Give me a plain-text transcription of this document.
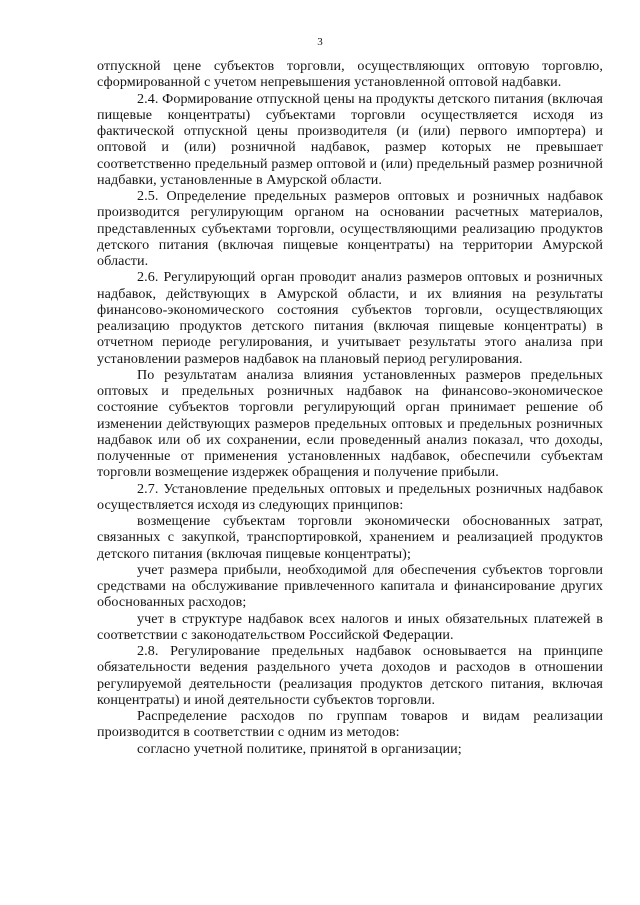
3

отпускной цене субъектов торговли, осуществляющих оптовую торговлю, сформированной с учетом непревышения установленной оптовой надбавки.

2.4. Формирование отпускной цены на продукты детского питания (включая пищевые концентраты) субъектами торговли осуществляется исходя из фактической отпускной цены производителя (и (или) первого импортера) и оптовой и (или) розничной надбавок, размер которых не превышает соответственно предельный размер оптовой и (или) предельный размер розничной надбавки, установленные в Амурской области.

2.5. Определение предельных размеров оптовых и розничных надбавок производится регулирующим органом на основании расчетных материалов, представленных субъектами торговли, осуществляющими реализацию продуктов детского питания (включая пищевые концентраты) на территории Амурской области.

2.6. Регулирующий орган проводит анализ размеров оптовых и розничных надбавок, действующих в Амурской области, и их влияния на результаты финансово-экономического состояния субъектов торговли, осуществляющих реализацию продуктов детского питания (включая пищевые концентраты) в отчетном периоде регулирования, и учитывает результаты этого анализа при установлении размеров надбавок на плановый период регулирования.

По результатам анализа влияния установленных размеров предельных оптовых и предельных розничных надбавок на финансово-экономическое состояние субъектов торговли регулирующий орган принимает решение об изменении действующих размеров предельных оптовых и предельных розничных надбавок или об их сохранении, если проведенный анализ показал, что доходы, полученные от применения установленных надбавок, обеспечили субъектам торговли возмещение издержек обращения и получение прибыли.

2.7. Установление предельных оптовых и предельных розничных надбавок осуществляется исходя из следующих принципов:

возмещение субъектам торговли экономически обоснованных затрат, связанных с закупкой, транспортировкой, хранением и реализацией продуктов детского питания (включая пищевые концентраты);

учет размера прибыли, необходимой для обеспечения субъектов торговли средствами на обслуживание привлеченного капитала и финансирование других обоснованных расходов;

учет в структуре надбавок всех налогов и иных обязательных платежей в соответствии с законодательством Российской Федерации.

2.8. Регулирование предельных надбавок основывается на принципе обязательности ведения раздельного учета доходов и расходов в отношении регулируемой деятельности (реализация продуктов детского питания, включая концентраты) и иной деятельности субъектов торговли.

Распределение расходов по группам товаров и видам реализации производится в соответствии с одним из методов:

согласно учетной политике, принятой в организации;
